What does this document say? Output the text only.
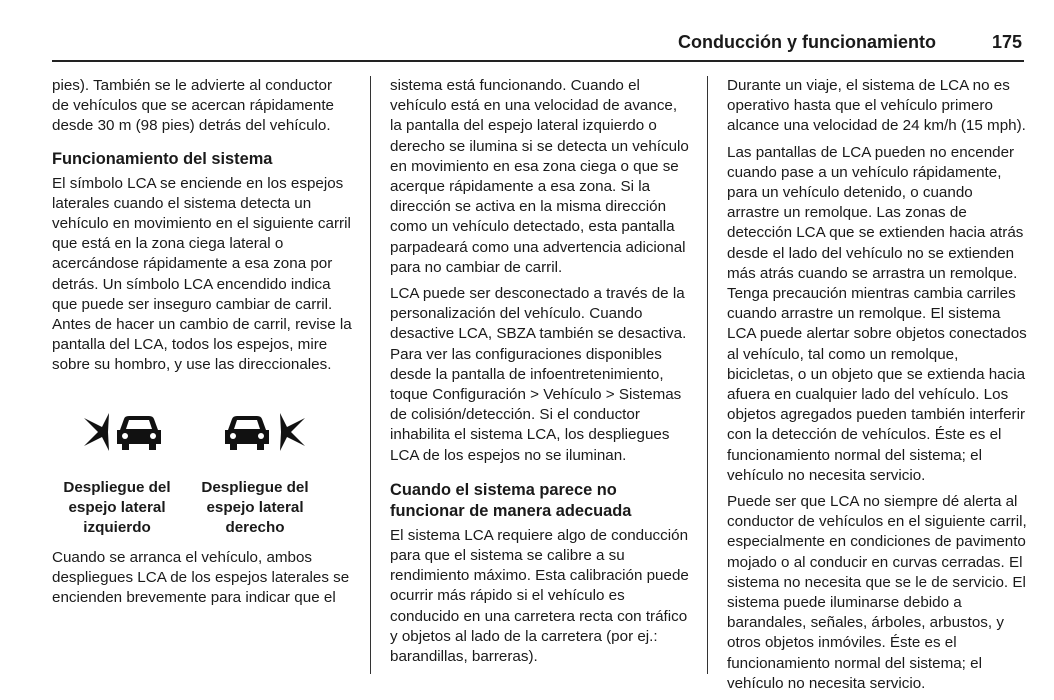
Conducción y funcionamiento	175

pies). También se le advierte al conductor de vehículos que se acercan rápidamente desde 30 m (98 pies) detrás del vehículo.

Funcionamiento del sistema

El símbolo LCA se enciende en los espejos laterales cuando el sistema detecta un vehículo en movimiento en el siguiente carril que está en la zona ciega lateral o acercándose rápidamente a esa zona por detrás. Un símbolo LCA encendido indica que puede ser inseguro cambiar de carril. Antes de hacer un cambio de carril, revise la pantalla del LCA, todos los espejos, mire sobre su hombro, y use las direccionales.

Despliegue del espejo lateral izquierdo
Despliegue del espejo lateral derecho

Cuando se arranca el vehículo, ambos despliegues LCA de los espejos laterales se encienden brevemente para indicar que el

sistema está funcionando. Cuando el vehículo está en una velocidad de avance, la pantalla del espejo lateral izquierdo o derecho se ilumina si se detecta un vehículo en movimiento en esa zona ciega o que se acerque rápidamente a esa zona. Si la dirección se activa en la misma dirección como un vehículo detectado, esta pantalla parpadeará como una advertencia adicional para no cambiar de carril.

LCA puede ser desconectado a través de la personalización del vehículo. Cuando desactive LCA, SBZA también se desactiva. Para ver las configuraciones disponibles desde la pantalla de infoentretenimiento, toque Configuración > Vehículo > Sistemas de colisión/detección. Si el conductor inhabilita el sistema LCA, los despliegues LCA de los espejos no se iluminan.

Cuando el sistema parece no funcionar de manera adecuada

El sistema LCA requiere algo de conducción para que el sistema se calibre a su rendimiento máximo. Esta calibración puede ocurrir más rápido si el vehículo es conducido en una carretera recta con tráfico y objetos al lado de la carretera (por ej.: barandillas, barreras).

Durante un viaje, el sistema de LCA no es operativo hasta que el vehículo primero alcance una velocidad de 24 km/h (15 mph).

Las pantallas de LCA pueden no encender cuando pase a un vehículo rápidamente, para un vehículo detenido, o cuando arrastre un remolque. Las zonas de detección LCA que se extienden hacia atrás desde el lado del vehículo no se extienden más atrás cuando se arrastra un remolque. Tenga precaución mientras cambia carriles cuando arrastre un remolque. El sistema LCA puede alertar sobre objetos conectados al vehículo, tal como un remolque, bicicletas, o un objeto que se extienda hacia afuera en cualquier lado del vehículo. Los objetos agregados pueden también interferir con la detección de vehículos. Éste es el funcionamiento normal del sistema; el vehículo no necesita servicio.

Puede ser que LCA no siempre dé alerta al conductor de vehículos en el siguiente carril, especialmente en condiciones de pavimento mojado o al conducir en curvas cerradas. El sistema no necesita que se le de servicio. El sistema puede iluminarse debido a barandales, señales, árboles, arbustos, y otros objetos inmóviles. Éste es el funcionamiento normal del sistema; el vehículo no necesita servicio.
